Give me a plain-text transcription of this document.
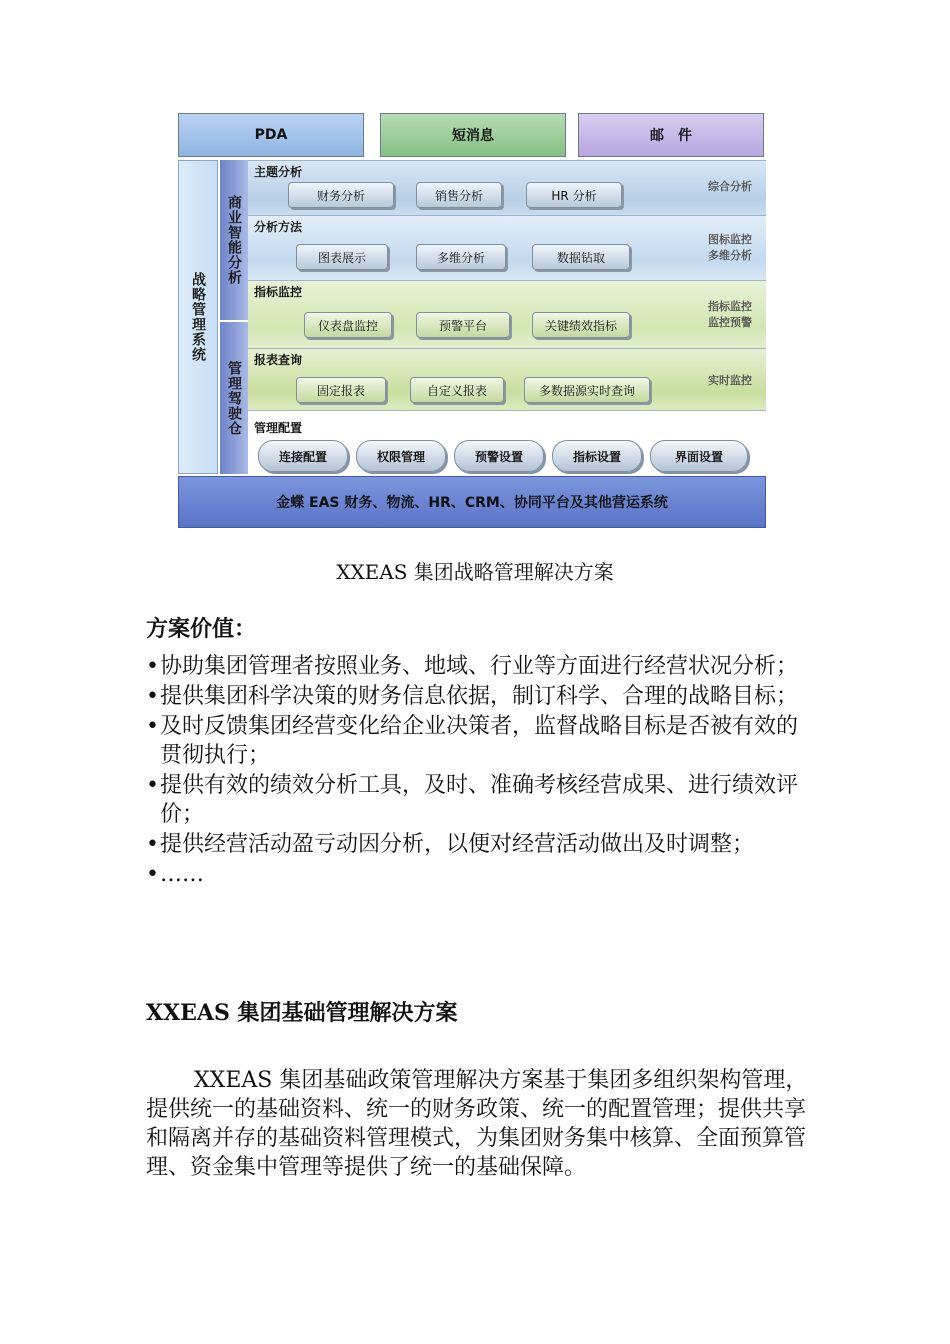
PDA	短消息	邮　件
战略管理系统
商业智能分析
管理驾驶仓
主题分析
财务分析	销售分析	HR 分析
综合分析
分析方法
图表展示	多维分析	数据钻取
图标监控
多维分析
指标监控
仪表盘监控	预警平台	关键绩效指标
指标监控
监控预警
报表查询
固定报表	自定义报表	多数据源实时查询
实时监控
管理配置
连接配置	权限管理	预警设置	指标设置	界面设置
金蝶 EAS 财务、物流、HR、CRM、协同平台及其他营运系统
XXEAS 集团战略管理解决方案
方案价值：
• 协助集团管理者按照业务、地域、行业等方面进行经营状况分析；
• 提供集团科学决策的财务信息依据，制订科学、合理的战略目标；
• 及时反馈集团经营变化给企业决策者，监督战略目标是否被有效的贯彻执行；
• 提供有效的绩效分析工具，及时、准确考核经营成果、进行绩效评价；
• 提供经营活动盈亏动因分析，以便对经营活动做出及时调整；
• ……
XXEAS 集团基础管理解决方案
XXEAS 集团基础政策管理解决方案基于集团多组织架构管理，提供统一的基础资料、统一的财务政策、统一的配置管理；提供共享和隔离并存的基础资料管理模式，为集团财务集中核算、全面预算管理、资金集中管理等提供了统一的基础保障。
